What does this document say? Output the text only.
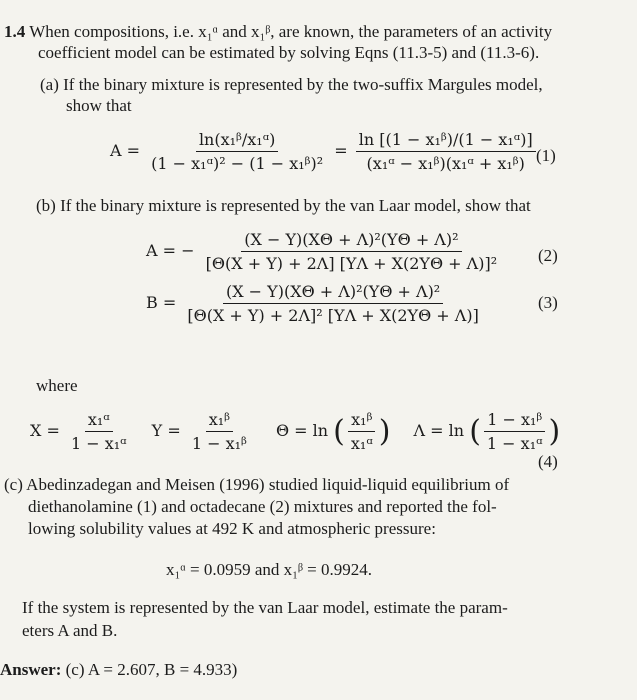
1.4 When compositions, i.e. x₁ᵅ and x₁ᵝ, are known, the parameters of an activity
coefficient model can be estimated by solving Eqns (11.3-5) and (11.3-6).
(a) If the binary mixture is represented by the two-suffix Margules model,
show that
$A = \frac{\text{ln(x₁ᵝ/x₁ᵅ)}}{\text{(1 − x₁ᵅ)² − (1 − x₁ᵝ)²}} = \frac{\text{ln [(1 − x₁ᵝ)/(1 − x₁ᵅ)]}}{\text{(x₁ᵅ − x₁ᵝ)(x₁ᵅ + x₁ᵝ)}} (1)$
(b) If the binary mixture is represented by the van Laar model, show that
A = − $\frac{\text{(X − Y)(XΘ + Λ)²(YΘ + Λ)²}}{\text{[Θ(X + Y) + 2Λ] [YΛ + X(2YΘ + Λ)]²}} (2)$
$B = \frac{\text{(X − Y)(XΘ + Λ)²(YΘ + Λ)²}}{\text{[Θ(X + Y) + 2Λ]² [YΛ + X(2YΘ + Λ)]}}$	(3)
where
$X = \frac{\text{x₁ᵅ}}{\text{1 − x₁ᵅ}}$ $Y = \frac{\text{x₁ᵝ}}{\text{1 − x₁ᵝ}}$ Θ = ln ( $\frac{\text{x₁ᵝ}}{\text{x₁ᵅ}}$ ) Λ = ln ( $\frac{\text{1 − x₁ᵝ}}{\text{1 − x₁ᵅ}}$ )
(4)
(c) Abedinzadegan and Meisen (1996) studied liquid-liquid equilibrium of
diethanolamine (1) and octadecane (2) mixtures and reported the fol-
lowing solubility values at 492 K and atmospheric pressure:
x₁ᵅ = 0.0959 and x₁ᵝ = 0.9924.
If the system is represented by the van Laar model, estimate the param-
eters A and B.
Answer: (c) A = 2.607, B = 4.933)
